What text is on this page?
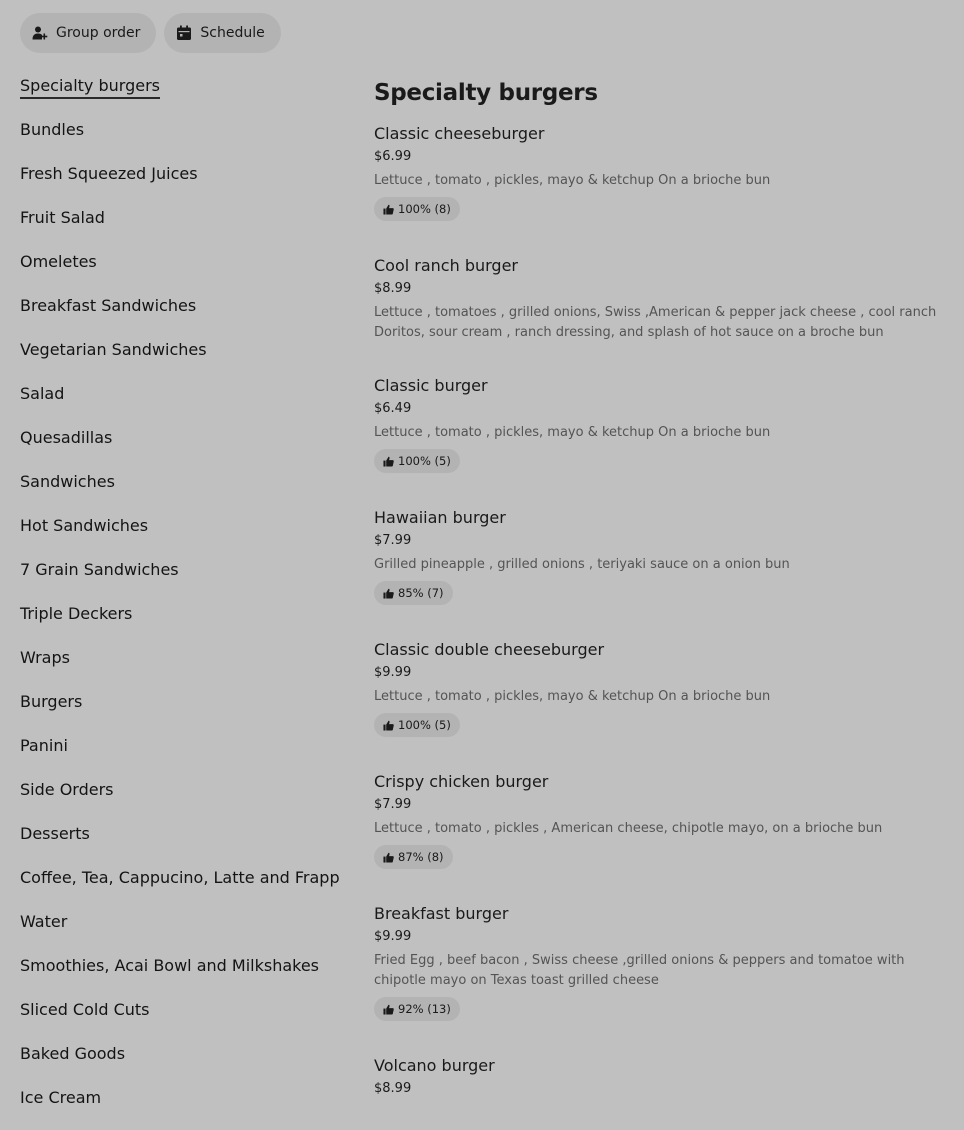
Group order	Schedule
Specialty burgers
Bundles
Fresh Squeezed Juices
Fruit Salad
Omeletes
Breakfast Sandwiches
Vegetarian Sandwiches
Salad
Quesadillas
Sandwiches
Hot Sandwiches
7 Grain Sandwiches
Triple Deckers
Wraps
Burgers
Panini
Side Orders
Desserts
Coffee, Tea, Cappucino, Latte and Frapp
Water
Smoothies, Acai Bowl and Milkshakes
Sliced Cold Cuts
Baked Goods
Ice Cream
Specialty burgers
Classic cheeseburger
$6.99
Lettuce , tomato , pickles, mayo & ketchup On a brioche bun
100% (8)
Cool ranch burger
$8.99
Lettuce , tomatoes , grilled onions, Swiss ,American & pepper jack cheese , cool ranch Doritos, sour cream , ranch dressing, and splash of hot sauce on a broche bun
Classic burger
$6.49
Lettuce , tomato , pickles, mayo & ketchup On a brioche bun
100% (5)
Hawaiian burger
$7.99
Grilled pineapple , grilled onions , teriyaki sauce on a onion bun
85% (7)
Classic double cheeseburger
$9.99
Lettuce , tomato , pickles, mayo & ketchup On a brioche bun
100% (5)
Crispy chicken burger
$7.99
Lettuce , tomato , pickles , American cheese, chipotle mayo, on a brioche bun
87% (8)
Breakfast burger
$9.99
Fried Egg , beef bacon , Swiss cheese ,grilled onions & peppers and tomatoe with chipotle mayo on Texas toast grilled cheese
92% (13)
Volcano burger
$8.99
